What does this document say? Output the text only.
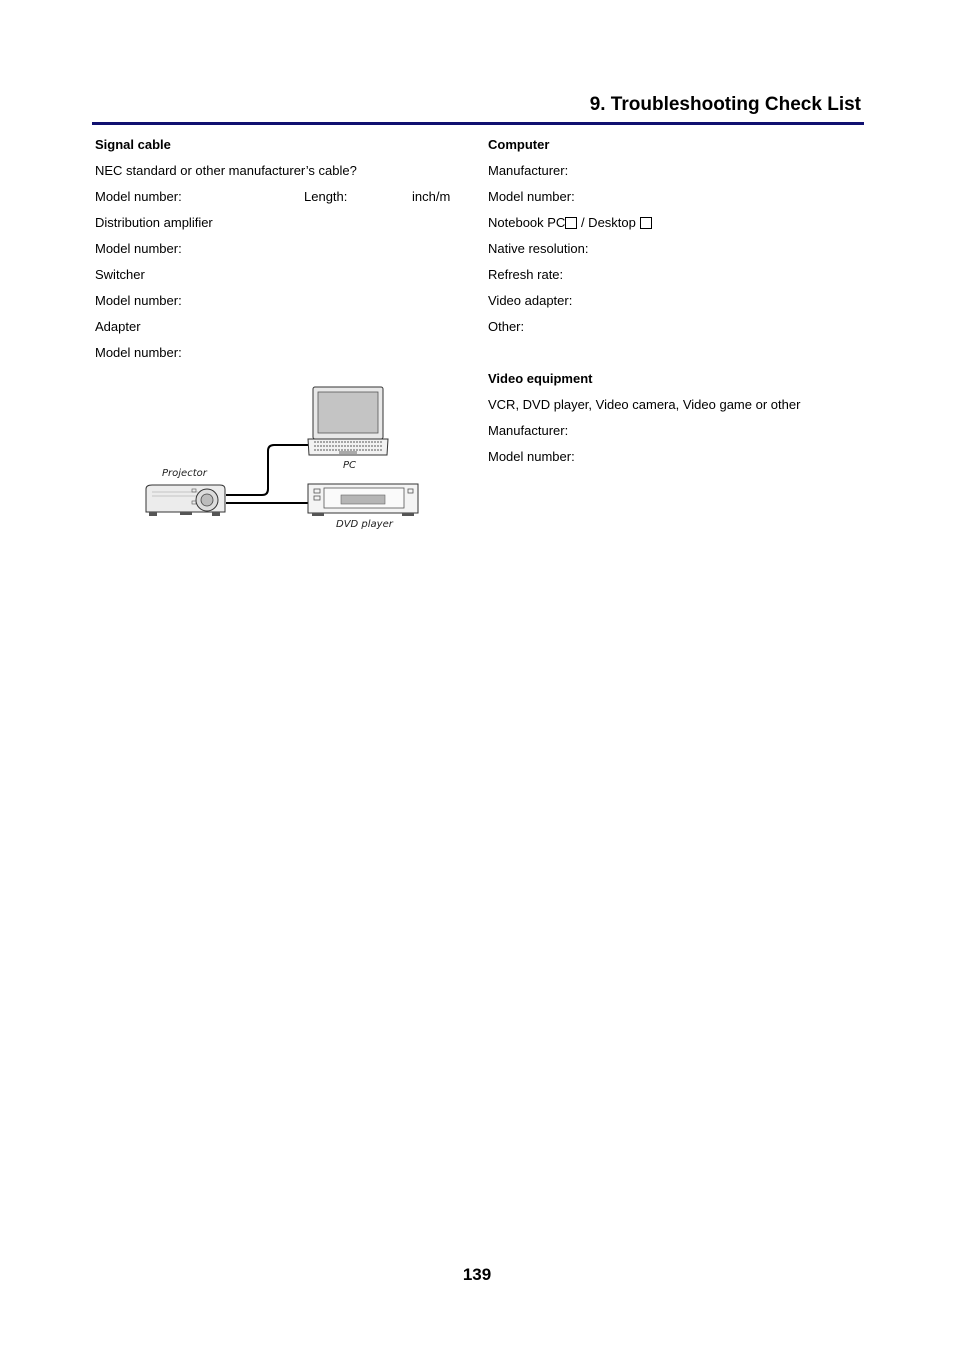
9. Troubleshooting Check List
Signal cable
NEC standard or other manufacturer’s cable?
Model number:	Length:	inch/m
Distribution amplifier
Model number:
Switcher
Model number:
Adapter
Model number:
Computer
Manufacturer:
Model number:
Notebook PC / Desktop
Native resolution:
Refresh rate:
Video adapter:
Other:
Video equipment
VCR, DVD player, Video camera, Video game or other
Manufacturer:
Model number:
PC
DVD player
Projector
139
